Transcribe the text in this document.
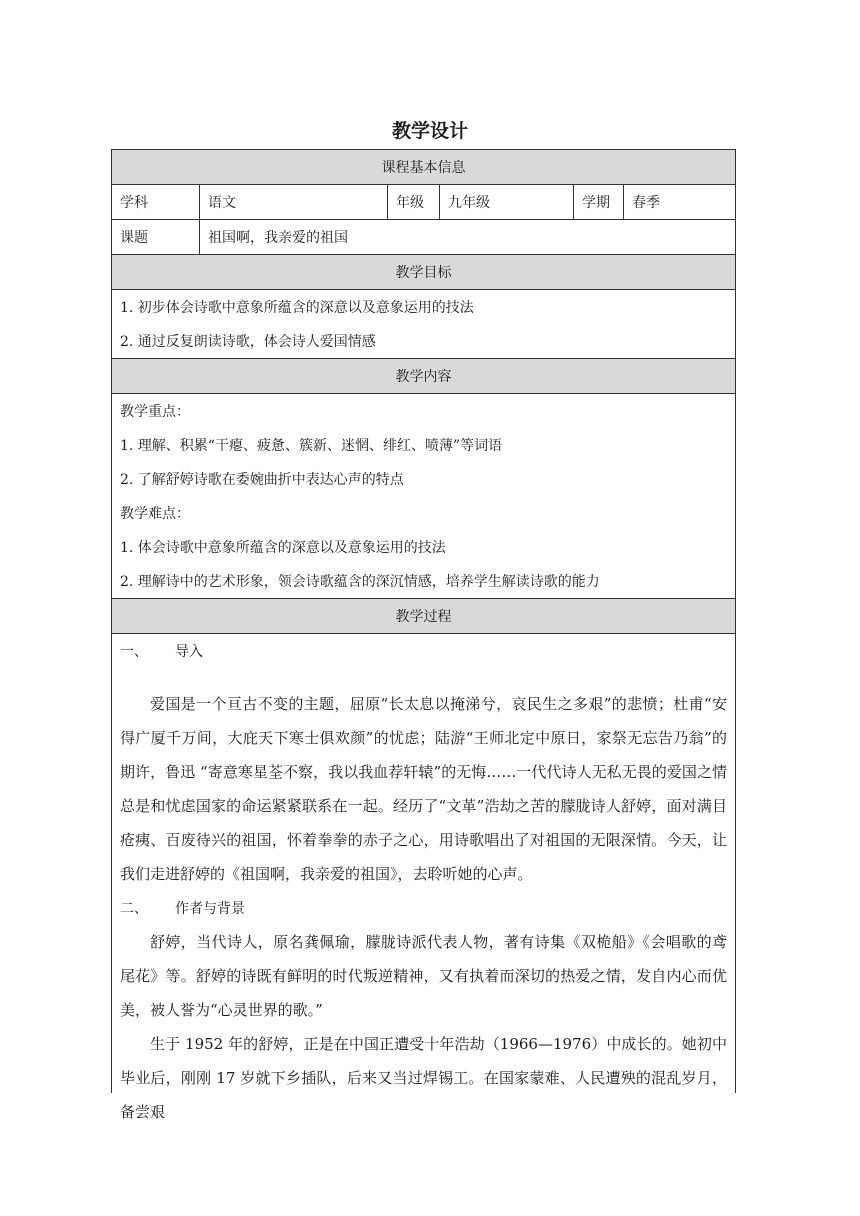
教学设计
课程基本信息
学科	语文	年级	九年级	学期	春季
课题	祖国啊，我亲爱的祖国
教学目标
1. 初步体会诗歌中意象所蕴含的深意以及意象运用的技法
2. 通过反复朗读诗歌，体会诗人爱国情感
教学内容
教学重点：
1. 理解、积累“干瘪、疲惫、簇新、迷惘、绯红、喷薄”等词语
2. 了解舒婷诗歌在委婉曲折中表达心声的特点
教学难点：
1. 体会诗歌中意象所蕴含的深意以及意象运用的技法
2. 理解诗中的艺术形象，领会诗歌蕴含的深沉情感，培养学生解读诗歌的能力
教学过程
一、	导入

爱国是一个亘古不变的主题，屈原“长太息以掩涕兮，哀民生之多艰”的悲愤；杜甫“安得广厦千万间，大庇天下寒士俱欢颜”的忧虑；陆游“王师北定中原日，家祭无忘告乃翁”的期许，鲁迅 “寄意寒星荃不察，我以我血荐轩辕”的无悔……一代代诗人无私无畏的爱国之情总是和忧虑国家的命运紧紧联系在一起。经历了“文革”浩劫之苦的朦胧诗人舒婷，面对满目疮痍、百废待兴的祖国，怀着拳拳的赤子之心，用诗歌唱出了对祖国的无限深情。今天，让我们走进舒婷的《祖国啊，我亲爱的祖国》，去聆听她的心声。

二、	作者与背景

舒婷，当代诗人，原名龚佩瑜，朦胧诗派代表人物，著有诗集《双桅船》《会唱歌的鸢尾花》等。舒婷的诗既有鲜明的时代叛逆精神，又有执着而深切的热爱之情，发自内心而优美，被人誉为“心灵世界的歌。”

生于 1952 年的舒婷，正是在中国正遭受十年浩劫（1966—1976）中成长的。她初中毕业后，刚刚 17 岁就下乡插队，后来又当过焊锡工。在国家蒙难、人民遭殃的混乱岁月，备尝艰
